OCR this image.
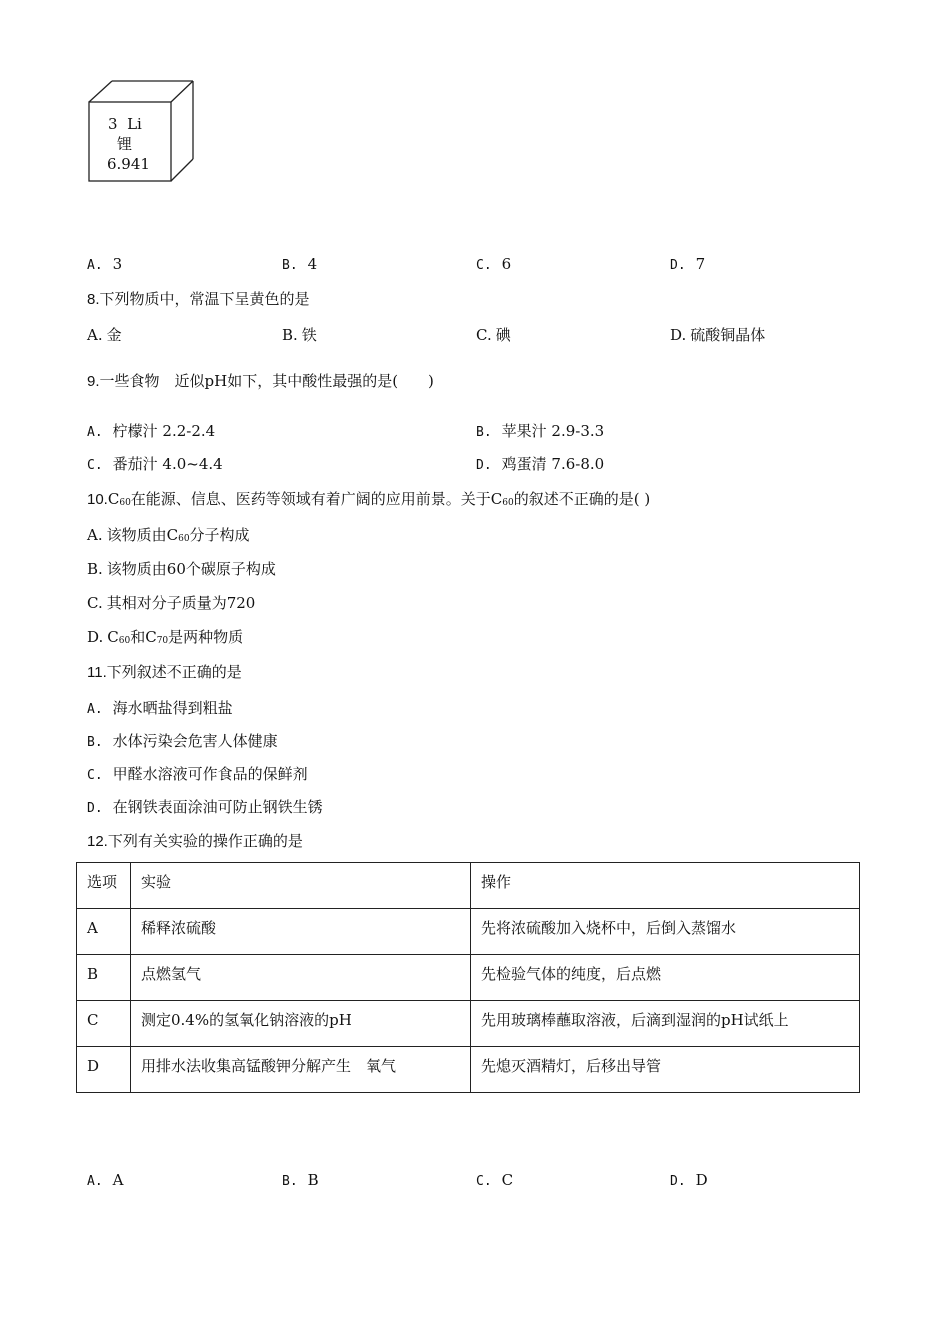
3 Li
锂
6.941
A. 3	B. 4	C. 6	D. 7
8.下列物质中，常温下呈黄色的是
A. 金	B. 铁	C. 碘	D. 硫酸铜晶体
9.一些食物　近似pH如下，其中酸性最强的是(　　)
A. 柠檬汁 2.2-2.4	B. 苹果汁 2.9-3.3
C. 番茄汁 4.0~4.4	D. 鸡蛋清 7.6-8.0
$10.C_{60}$在能源、信息、医药等领域有着广阔的应用前景。关于$C_{60}$的叙述不正确的是( )
A. 该物质由$C_{60}$分子构成
B. 该物质由60个碳原子构成
C. 其相对分子质量为720
D. $C_{60}$和$C_{70}$是两种物质
11.下列叙述不正确的是
A. 海水晒盐得到粗盐
B. 水体污染会危害人体健康
C. 甲醛水溶液可作食品的保鲜剂
D. 在钢铁表面涂油可防止钢铁生锈
12.下列有关实验的操作正确的是
选项	实验	操作
A	稀释浓硫酸	先将浓硫酸加入烧杯中，后倒入蒸馏水
B	点燃氢气	先检验气体的纯度，后点燃
C	测定0.4%的氢氧化钠溶液的pH	先用玻璃棒蘸取溶液，后滴到湿润的pH试纸上
D	用排水法收集高锰酸钾分解产生　氧气	先熄灭酒精灯，后移出导管
A. A	B. B	C. C	D. D
